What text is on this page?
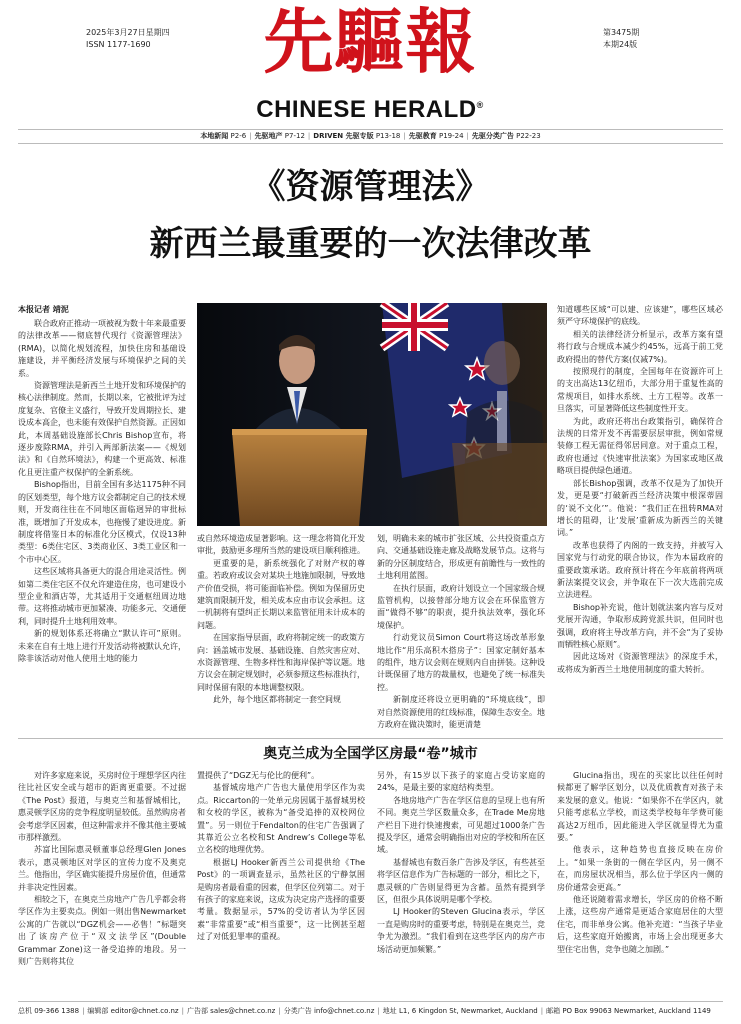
2025年3月27日星期四
ISSN 1177-1690	先驅報
CHINESE HERALD®
第3475期
本期24版
本地新闻 P2-6 | 先驱地产 P7-12 | DRIVEN 先驱专版 P13-18 | 先驱教育 P19-24 | 先驱分类广告 P22-23
《资源管理法》
新西兰最重要的一次法律改革
本报记者 靖泥

联合政府正推动一项被视为数十年来最重要的法律改革——彻底替代现行《资源管理法》(RMA)，以简化规划流程，加快住房和基础设施建设，并平衡经济发展与环境保护之间的关系。

资源管理法是新西兰土地开发和环境保护的核心法律制度。然而，长期以来，它被批评为过度复杂、官僚主义盛行，导致开发周期拉长、建设成本高企，也未能有效保护自然资源。正因如此，本周基础设施部长Chris Bishop宣布，将逐步废除RMA，并引入两部新法案——《规划法》和《自然环境法》，构建一个更高效、标准化且更注重产权保护的全新系统。

Bishop指出，目前全国有多达1175种不同的区划类型，每个地方议会都制定自己的技术规则，开发商往往在不同地区面临迥异的审批标准，既增加了开发成本，也拖慢了建设进度。新制度将借鉴日本的标准化分区模式，仅设13种类型：6类住宅区、3类商业区、3类工业区和一个市中心区。

这些区域将具备更大的混合用途灵活性。例如第二类住宅区不仅允许建造住房，也可建设小型企业和酒店等，尤其适用于交通枢纽周边地带。这将推动城市更加紧凑、功能多元、交通便利，同时提升土地利用效率。

新的规划体系还将确立“默认许可”原则。未来在自有土地上进行开发活动将被默认允许，除非该活动对他人使用土地的能力

或自然环境造成显著影响。这一理念将简化开发审批，鼓励更多理所当然的建设项目顺利推进。

更重要的是，新系统强化了对财产权的尊重。若政府或议会对某块土地施加限制，导致地产价值受损，将可能面临补偿。例如为保留历史建筑而限制开发，相关成本应由市议会承担。这一机制将有望纠正长期以来监管征用未计成本的问题。

在国家指导层面，政府将制定统一的政策方向：涵盖城市发展、基础设施、自然灾害应对、水资源管理、生物多样性和海岸保护等议题。地方议会在制定规划时，必须参照这些标准执行，同时保留有限的本地调整权限。

此外，每个地区都将制定一套空间规

划，明确未来的城市扩张区域、公共投资重点方向、交通基础设施走廊及战略发展节点。这将与新的分区制度结合，形成更有前瞻性与一致性的土地利用蓝图。

在执行层面，政府计划设立一个国家级合规监管机构，以接替部分地方议会在环保监管方面“做得不够”的职责，提升执法效率，强化环境保护。

行动党议员Simon Court将这场改革形象地比作“用乐高积木搭房子”：国家定制好基本的组件，地方议会则在规则内自由拼装。这种设计既保留了地方的裁量权，也避免了统一标准失控。

新制度还将设立更明确的“环境底线”，即对自然资源使用的红线标准，保障生态安全。地方政府在做决策时，能更清楚

知道哪些区域“可以建、应该建”，哪些区域必须严守环境保护的底线。

相关的法律经济分析显示，改革方案有望将行政与合规成本减少约45%，远高于前工党政府提出的替代方案(仅减7%)。

按照现行的制度，全国每年在资源许可上的支出高达13亿纽币，大部分用于重复性高的常规项目，如排水系统、土方工程等。改革一旦落实，可显著降低这些制度性开支。

为此，政府还将出台政策指引，确保符合法规的日常开发不再需要层层审批，例如常规装修工程无需征得邻居同意。对于重点工程，政府也通过《快速审批法案》为国家或地区战略项目提供绿色通道。

部长Bishop强调，改革不仅是为了加快开发，更是要“打破新西兰经济决策中根深蒂固的‘说不文化’”。他说：“我们正在扭转RMA对增长的阻碍，让‘发展’重新成为新西兰的关键词。”

改革也获得了内阁的一致支持，并被写入国家党与行动党的联合协议，作为本届政府的重要政策承诺。政府预计将在今年底前将两项新法案提交议会，并争取在下一次大选前完成立法进程。

Bishop补充说，他计划就法案内容与反对党展开沟通，争取形成跨党派共识，但同时也强调，政府将主导改革方向，并不会“为了妥协而牺牲核心原则”。

因此这场对《资源管理法》的深度手术，或将成为新西兰土地使用制度的重大转折。

奥克兰成为全国学区房最“卷”城市

对许多家庭来说，买房时位于理想学区内往往比社区安全或与超市的距离更重要。不过据《The Post》报道，与奥克兰和基督城相比，惠灵顿学区房的竞争程度明显较低。虽然购房者会考虑学区因素，但这种需求并不像其他主要城市那样激烈。

苏富比国际惠灵顿董事总经理Glen Jones表示，惠灵顿地区对学区的宣传力度不及奥克兰。他指出，学区确实能提升房屋价值，但通常并非决定性因素。

相较之下，在奥克兰房地产广告几乎都会将学区作为主要卖点。例如一则出售Newmarket公寓的广告就以“DGZ机会——必售！”标题突出了该房产位于“双文法学区”(Double Grammar Zone)这一备受追捧的地段。另一则广告则将其位

置提供了“DGZ无与伦比的便利”。

基督城房地产广告也大量使用学区作为卖点。Riccarton的一处单元房因属于基督城男校和女校的学区，被称为“备受追捧的双校网位置”。另一则位于Fendalton的住宅广告强调了其靠近公立名校和St Andrew’s College等私立名校的地理优势。

根据LJ Hooker新西兰公司提供给《The Post》的一项调查显示，虽然社区的宁静氛围是购房者最看重的因素，但学区位列第二。对于有孩子的家庭来说，这成为决定房产选择的重要考量。数据显示，57%的受访者认为学区因素“非常重要”或“相当重要”，这一比例甚至超过了对低犯罪率的重视。

另外，有15岁以下孩子的家庭占受访家庭的24%，是最主要的家庭结构类型。

各地房地产广告在学区信息的呈现上也有所不同。奥克兰学区数量众多，在Trade Me房地产栏目下进行快速搜索，可见超过1000条广告提及学区，通常会明确指出对应的学校和所在区域。

基督城也有数百条广告涉及学区，有些甚至将学区信息作为广告标题的一部分，相比之下，惠灵顿的广告则显得更为含蓄。虽然有提到学区，但很少具体说明是哪个学校。

LJ Hooker的Steven Glucina表示，学区一直是购房时的重要考虑，特别是在奥克兰，竞争尤为激烈。“我们看到在这些学区内的房产市场活动更加频繁。”

Glucina指出，现在的买家比以往任何时候都更了解学区划分，以及优质教育对孩子未来发展的意义。他说：“如果你不在学区内，就只能考虑私立学校，而这类学校每年学费可能高达2万纽币，因此能进入学区就显得尤为重要。”

他表示，这种趋势也直接反映在房价上。“如果一条街的一侧在学区内，另一侧不在，而房屋状况相当，那么位于学区内一侧的房价通常会更高。”

他还说随着需求增长，学区房的价格不断上涨，这些房产通常是更适合家庭居住的大型住宅，而非单身公寓。他补充道：“当孩子毕业后，这些家庭开始搬离，市场上会出现更多大型住宅出售，竞争也随之加剧。”

总机 09-366 1388 | 编辑部 editor@chnet.co.nz | 广告部 sales@chnet.co.nz | 分类广告 info@chnet.co.nz | 地址 L1, 6 Kingdon St, Newmarket, Auckland | 邮箱 PO Box 99063 Newmarket, Auckland 1149
